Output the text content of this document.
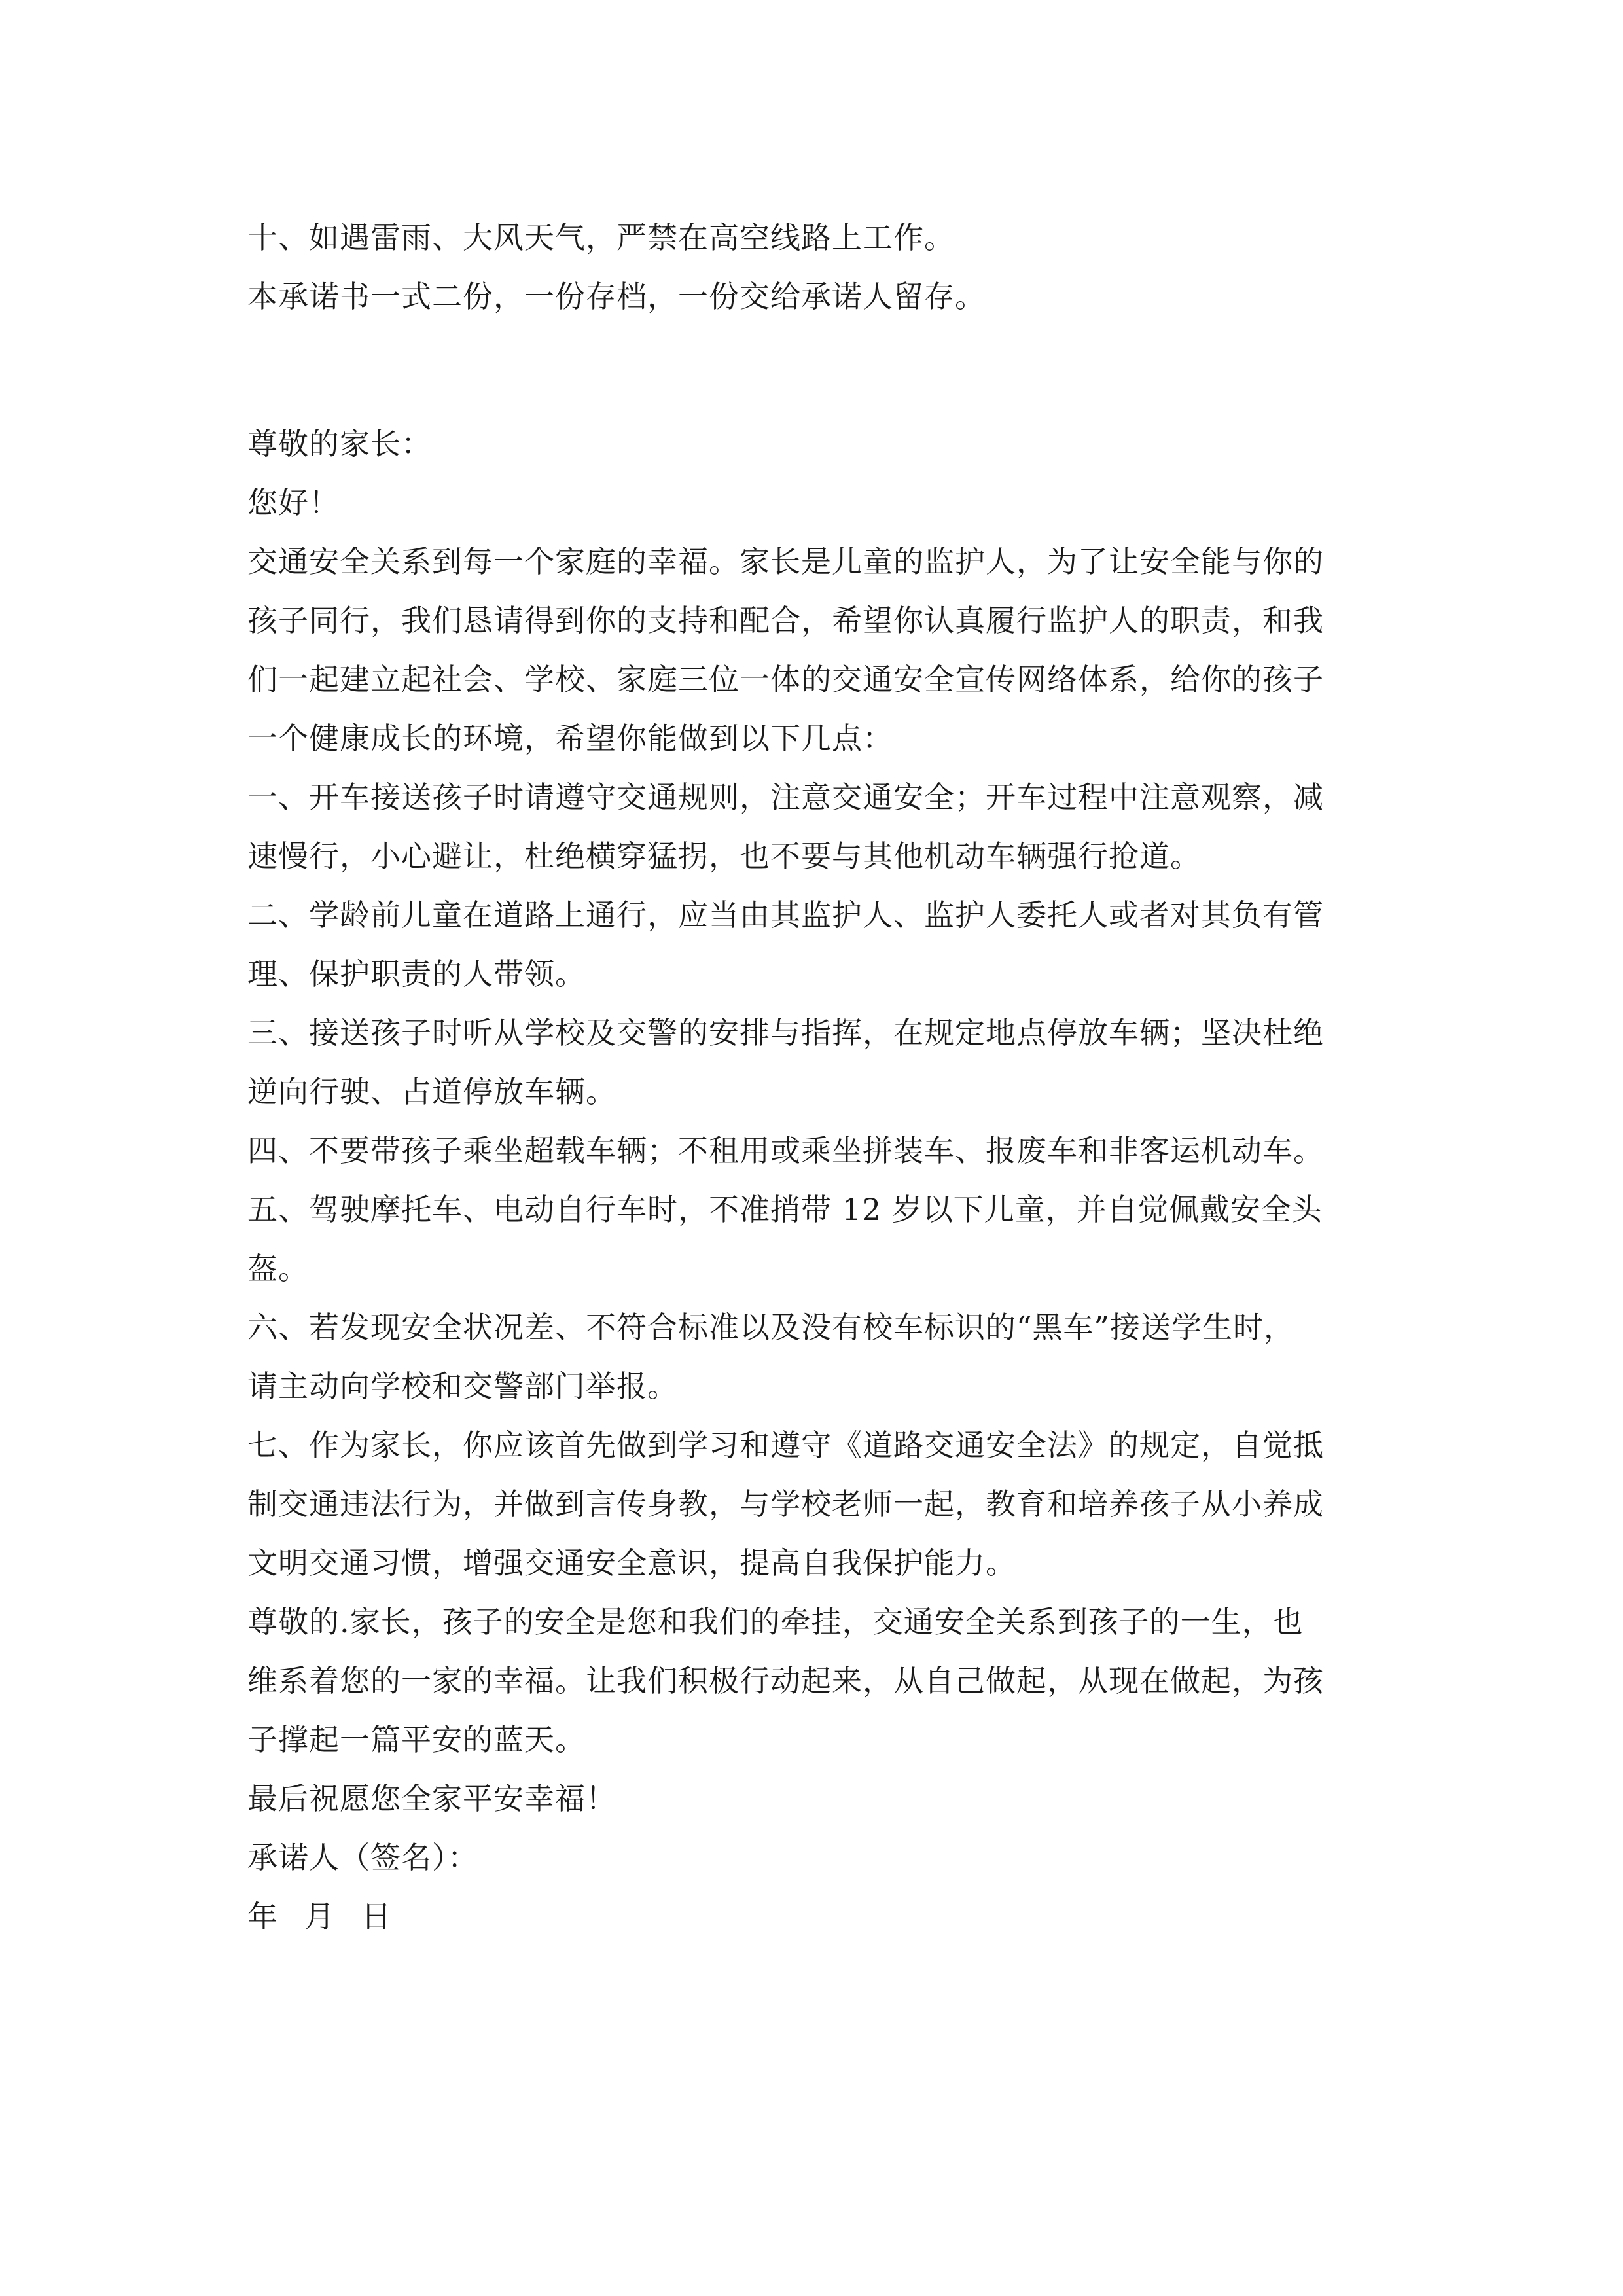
十、如遇雷雨、大风天气，严禁在高空线路上工作。
本承诺书一式二份，一份存档，一份交给承诺人留存。
尊敬的家长：
您好！
交通安全关系到每一个家庭的幸福。家长是儿童的监护人，为了让安全能与你的
孩子同行，我们恳请得到你的支持和配合，希望你认真履行监护人的职责，和我
们一起建立起社会、学校、家庭三位一体的交通安全宣传网络体系，给你的孩子
一个健康成长的环境，希望你能做到以下几点：
一、开车接送孩子时请遵守交通规则，注意交通安全；开车过程中注意观察，减
速慢行，小心避让，杜绝横穿猛拐，也不要与其他机动车辆强行抢道。
二、学龄前儿童在道路上通行，应当由其监护人、监护人委托人或者对其负有管
理、保护职责的人带领。
三、接送孩子时听从学校及交警的安排与指挥，在规定地点停放车辆；坚决杜绝
逆向行驶、占道停放车辆。
四、不要带孩子乘坐超载车辆；不租用或乘坐拼装车、报废车和非客运机动车。
五、驾驶摩托车、电动自行车时，不准捎带 12 岁以下儿童，并自觉佩戴安全头
盔。
六、若发现安全状况差、不符合标准以及没有校车标识的“黑车”接送学生时，
请主动向学校和交警部门举报。
七、作为家长，你应该首先做到学习和遵守《道路交通安全法》的规定，自觉抵
制交通违法行为，并做到言传身教，与学校老师一起，教育和培养孩子从小养成
文明交通习惯，增强交通安全意识，提高自我保护能力。
尊敬的.家长，孩子的安全是您和我们的牵挂，交通安全关系到孩子的一生，也
维系着您的一家的幸福。让我们积极行动起来，从自己做起，从现在做起，为孩
子撑起一篇平安的蓝天。
最后祝愿您全家平安幸福！
承诺人（签名）：
年 月 日
